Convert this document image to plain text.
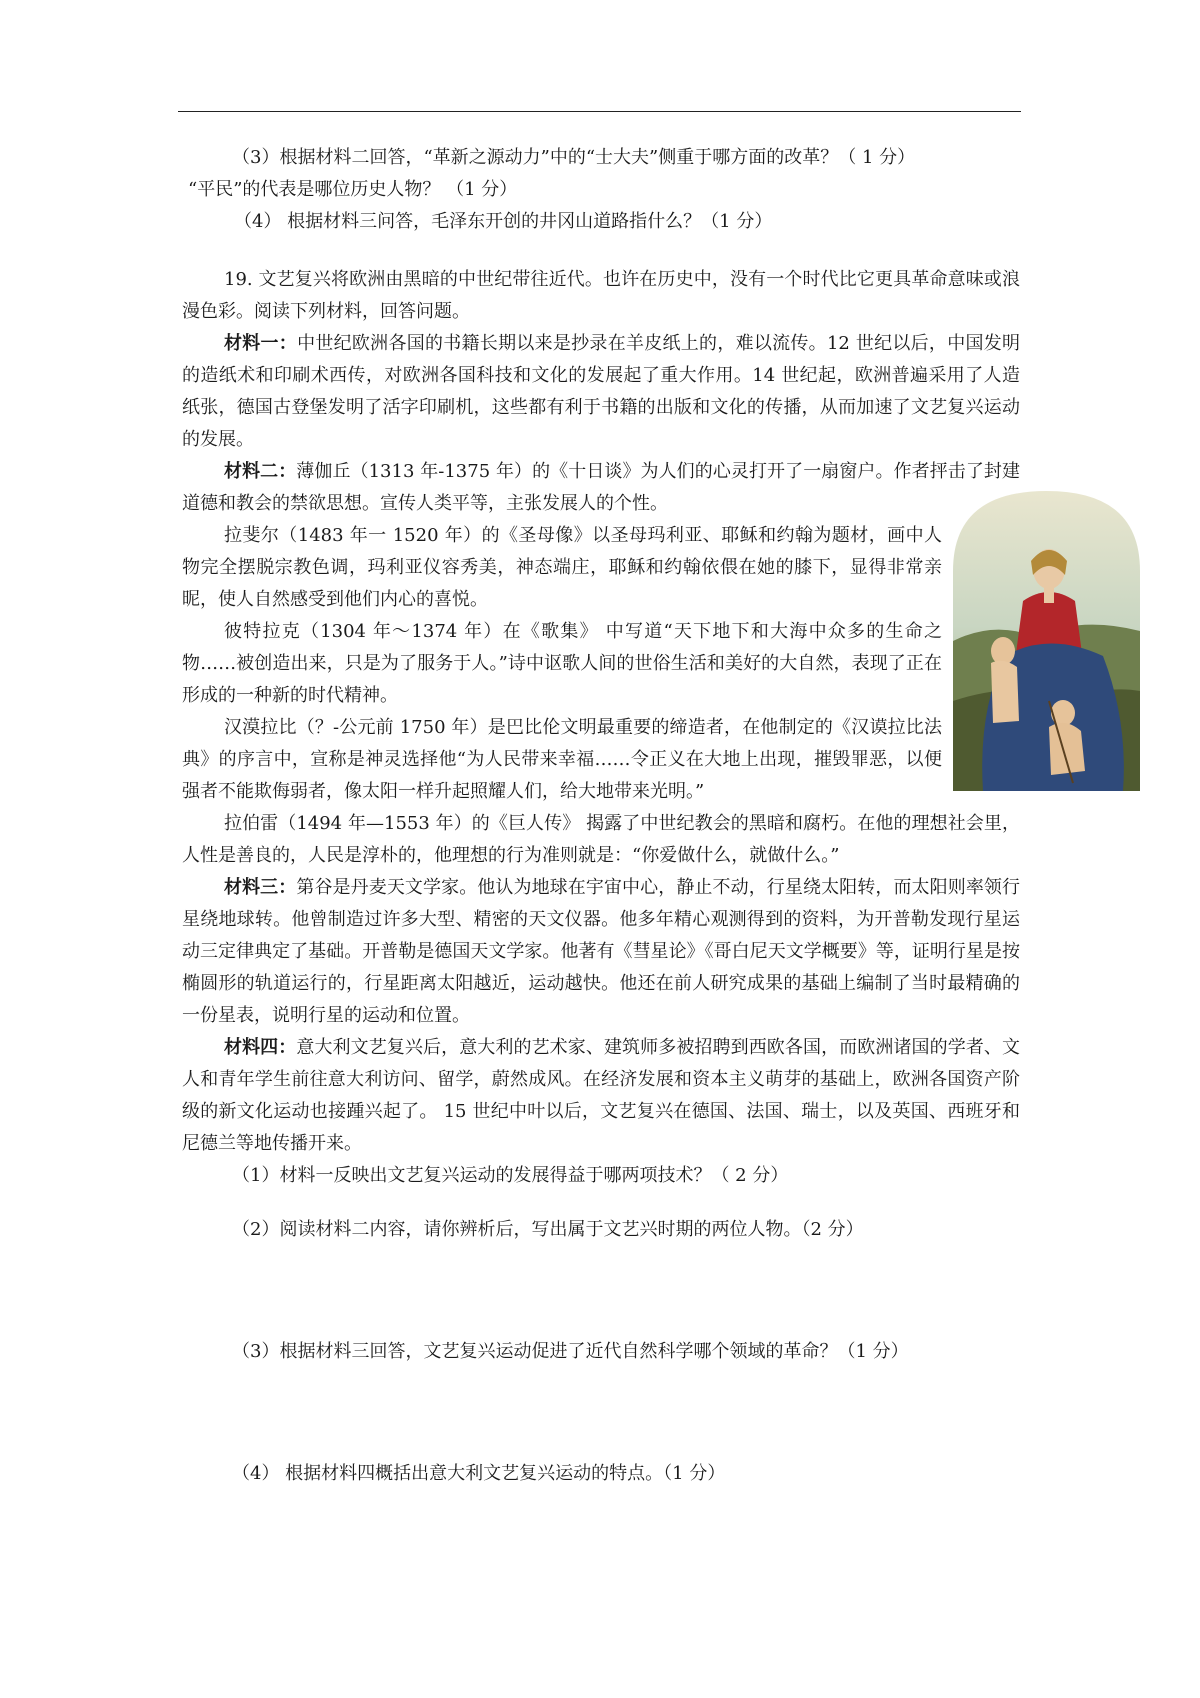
（3）根据材料二回答，“革新之源动力”中的“士大夫”侧重于哪方面的改革？（ 1 分）

“平民”的代表是哪位历史人物？ （1 分）

（4） 根据材料三问答，毛泽东开创的井冈山道路指什么？（1 分）

19. 文艺复兴将欧洲由黑暗的中世纪带往近代。也许在历史中，没有一个时代比它更具革命意味或浪漫色彩。阅读下列材料，回答问题。

材料一：中世纪欧洲各国的书籍长期以来是抄录在羊皮纸上的，难以流传。12 世纪以后，中国发明的造纸术和印刷术西传，对欧洲各国科技和文化的发展起了重大作用。14 世纪起，欧洲普遍采用了人造纸张，德国古登堡发明了活字印刷机，这些都有利于书籍的出版和文化的传播，从而加速了文艺复兴运动的发展。

材料二：薄伽丘（1313 年-1375 年）的《十日谈》为人们的心灵打开了一扇窗户。作者抨击了封建道德和教会的禁欲思想。宣传人类平等，主张发展人的个性。

拉斐尔（1483 年一 1520 年）的《圣母像》以圣母玛利亚、耶稣和约翰为题材，画中人物完全摆脱宗教色调，玛利亚仪容秀美，神态端庄，耶稣和约翰依偎在她的膝下，显得非常亲昵，使人自然感受到他们内心的喜悦。

彼特拉克（1304 年～1374 年）在《歌集》 中写道“天下地下和大海中众多的生命之物……被创造出来，只是为了服务于人。”诗中讴歌人间的世俗生活和美好的大自然，表现了正在形成的一种新的时代精神。

汉漠拉比（？-公元前 1750 年）是巴比伦文明最重要的缔造者，在他制定的《汉谟拉比法典》的序言中，宣称是神灵选择他“为人民带来幸福……令正义在大地上出现，摧毁罪恶，以便强者不能欺侮弱者，像太阳一样升起照耀人们，给大地带来光明。”

拉伯雷（1494 年—1553 年）的《巨人传》 揭露了中世纪教会的黑暗和腐朽。在他的理想社会里，人性是善良的，人民是淳朴的，他理想的行为准则就是：“你爱做什么，就做什么。”

材料三：第谷是丹麦天文学家。他认为地球在宇宙中心，静止不动，行星绕太阳转，而太阳则率领行星绕地球转。他曾制造过许多大型、精密的天文仪器。他多年精心观测得到的资料，为开普勒发现行星运动三定律典定了基础。开普勒是德国天文学家。他著有《彗星论》《哥白尼天文学概要》等，证明行星是按椭圆形的轨道运行的，行星距离太阳越近，运动越快。他还在前人研究成果的基础上编制了当时最精确的一份星表，说明行星的运动和位置。

材料四：意大利文艺复兴后，意大利的艺术家、建筑师多被招聘到西欧各国，而欧洲诸国的学者、文人和青年学生前往意大利访问、留学，蔚然成风。在经济发展和资本主义萌芽的基础上，欧洲各国资产阶级的新文化运动也接踵兴起了。 15 世纪中叶以后，文艺复兴在德国、法国、瑞士，以及英国、西班牙和尼德兰等地传播开来。

（1）材料一反映出文艺复兴运动的发展得益于哪两项技术？（ 2 分）

（2）阅读材料二内容，请你辨析后，写出属于文艺兴时期的两位人物。（2 分）

（3）根据材料三回答，文艺复兴运动促进了近代自然科学哪个领域的革命？（1 分）

（4） 根据材料四概括出意大利文艺复兴运动的特点。（1 分）
